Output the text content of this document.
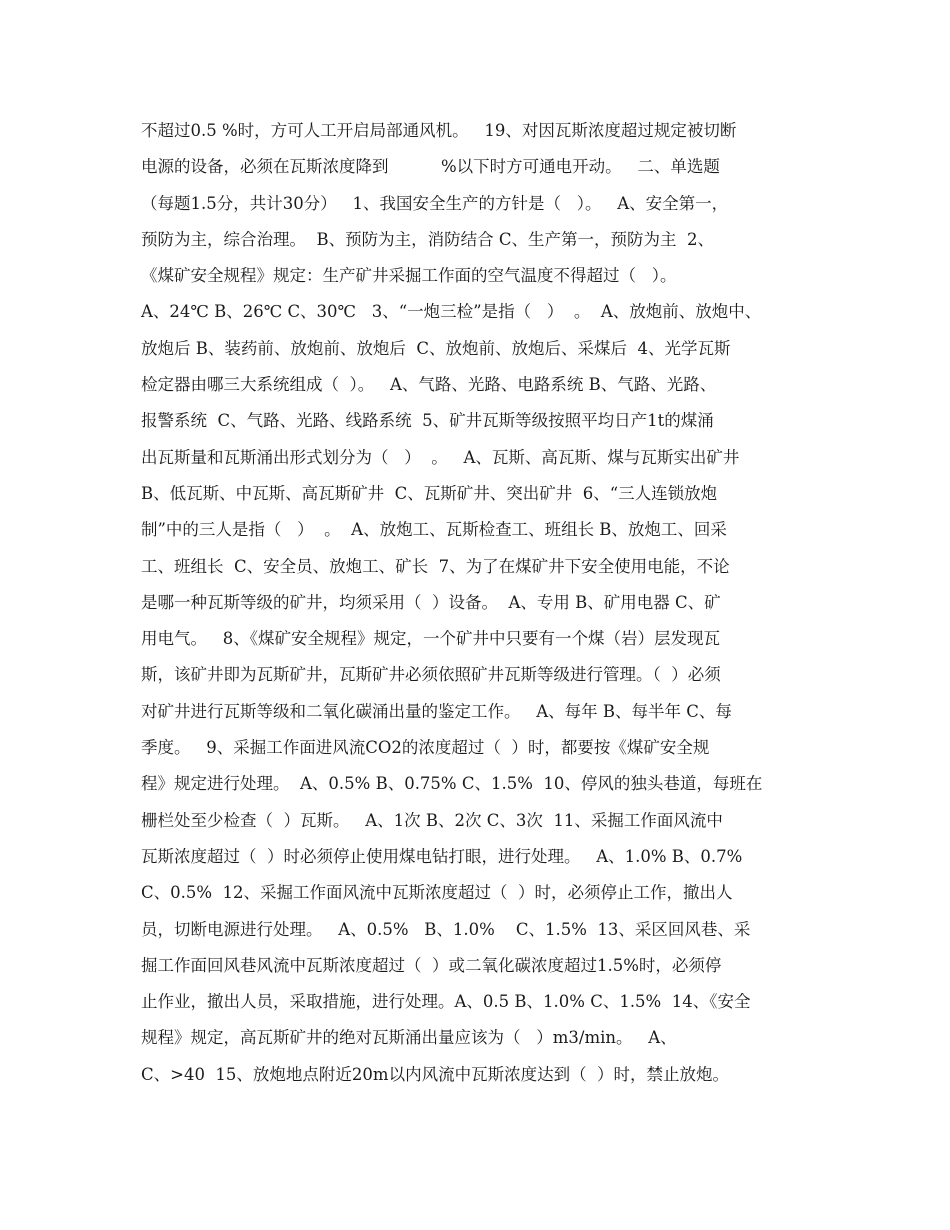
不超过0.5 %时，方可人工开启局部通风机。   19、对因瓦斯浓度超过规定被切断
电源的设备，必须在瓦斯浓度降到          %以下时方可通电开动。   二、单选题
（每题1.5分，共计30分）   1、我国安全生产的方针是（   ）。   A、安全第一，
预防为主，综合治理。  B、预防为主，消防结合 C、生产第一，预防为主  2、
《煤矿安全规程》规定：生产矿井采掘工作面的空气温度不得超过（   ）。
A、24℃ B、26℃ C、30℃   3、“一炮三检”是指（   ）  。  A、放炮前、放炮中、
放炮后 B、装药前、放炮前、放炮后  C、放炮前、放炮后、采煤后  4、光学瓦斯
检定器由哪三大系统组成（  ）。   A、气路、光路、电路系统 B、气路、光路、
报警系统  C、气路、光路、线路系统  5、矿井瓦斯等级按照平均日产1t的煤涌
出瓦斯量和瓦斯涌出形式划分为（   ）  。   A、瓦斯、高瓦斯、煤与瓦斯实出矿井
B、低瓦斯、中瓦斯、高瓦斯矿井  C、瓦斯矿井、突出矿井  6、“三人连锁放炮
制”中的三人是指（   ）  。  A、放炮工、瓦斯检查工、班组长 B、放炮工、回采
工、班组长  C、安全员、放炮工、矿长  7、为了在煤矿井下安全使用电能，不论
是哪一种瓦斯等级的矿井，均须采用（  ）设备。  A、专用 B、矿用电器 C、矿
用电气。   8、《煤矿安全规程》规定，一个矿井中只要有一个煤（岩）层发现瓦
斯，该矿井即为瓦斯矿井，瓦斯矿井必须依照矿井瓦斯等级进行管理。（  ）必须
对矿井进行瓦斯等级和二氧化碳涌出量的鉴定工作。   A、每年 B、每半年 C、每
季度。   9、采掘工作面进风流CO2的浓度超过（  ）时，都要按《煤矿安全规
程》规定进行处理。  A、0.5% B、0.75% C、1.5%  10、停风的独头巷道，每班在
栅栏处至少检查（  ）瓦斯。   A、1次 B、2次 C、3次  11、采掘工作面风流中
瓦斯浓度超过（  ）时必须停止使用煤电钻打眼，进行处理。   A、1.0% B、0.7%
C、0.5%  12、采掘工作面风流中瓦斯浓度超过（  ）时，必须停止工作，撤出人
员，切断电源进行处理。   A、0.5%   B、1.0%    C、1.5%  13、采区回风巷、采
掘工作面回风巷风流中瓦斯浓度超过（  ）或二氧化碳浓度超过1.5%时，必须停
止作业，撤出人员，采取措施，进行处理。A、0.5 B、1.0% C、1.5%  14、《安全
规程》规定，高瓦斯矿井的绝对瓦斯涌出量应该为（   ）m3/min。   A、
C、>40  15、放炮地点附近20m以内风流中瓦斯浓度达到（  ）时，禁止放炮。
